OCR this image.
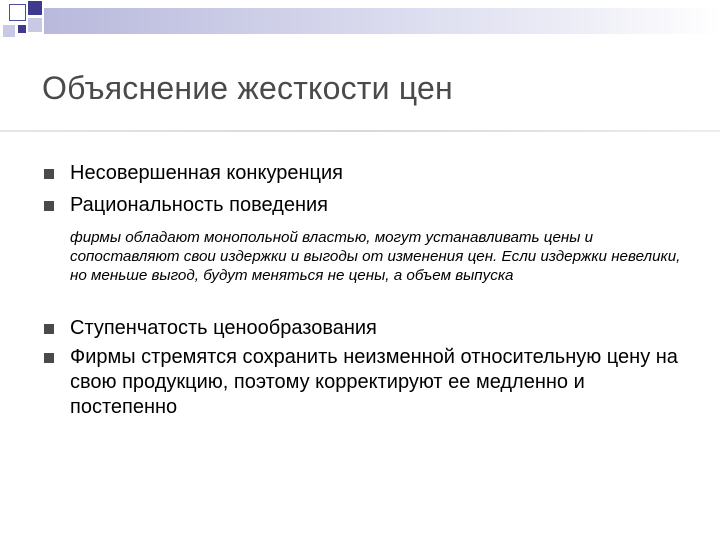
Объяснение жесткости цен
Несовершенная конкуренция
Рациональность поведения
фирмы обладают монопольной властью, могут устанавливать цены и сопоставляют свои издержки и выгоды от изменения цен. Если издержки невелики, но меньше выгод, будут меняться не цены, а объем выпуска
Ступенчатость ценообразования
Фирмы стремятся сохранить неизменной относительную цену на свою продукцию, поэтому корректируют ее медленно и постепенно
